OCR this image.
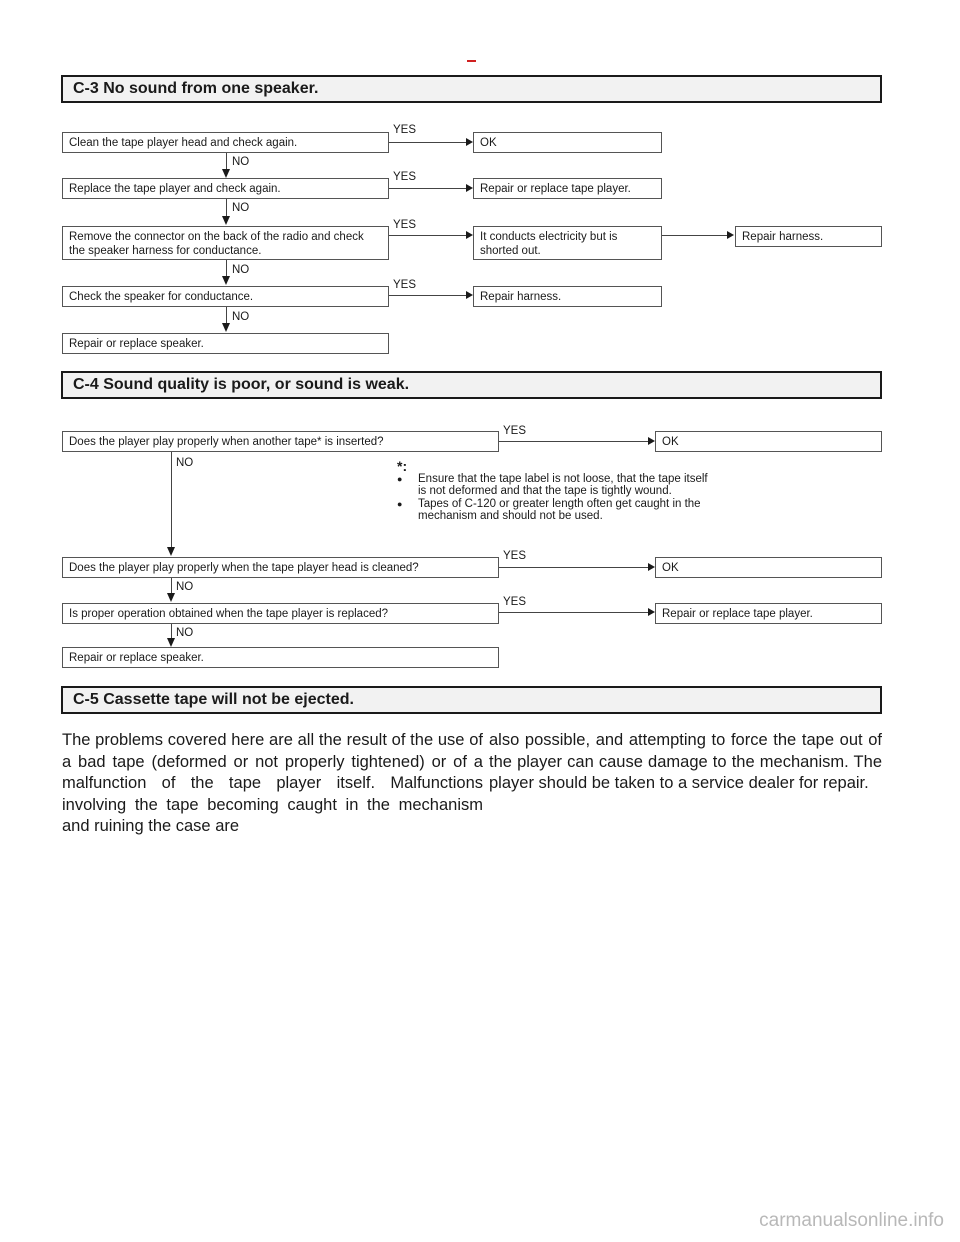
C-3 No sound from one speaker.
Clean the tape player head and check again.
Replace the tape player and check again.
Remove the connector on the back of the radio and check the speaker harness for conductance.
Check the speaker for conductance.
Repair or replace speaker.
OK
Repair or replace tape player.
It conducts electricity but is shorted out.
Repair harness.
Repair harness.
YES
YES
YES
YES
NO
NO
NO
NO
C-4 Sound quality is poor, or sound is weak.
Does the player play properly when another tape* is inserted?
Does the player play properly when the tape player head is cleaned?
Is proper operation obtained when the tape player is replaced?
Repair or replace speaker.
OK
OK
Repair or replace tape player.
YES
YES
YES
NO
NO
NO
*:
● Ensure that the tape label is not loose, that the tape itself is not deformed and that the tape is tightly wound.
● Tapes of C-120 or greater length often get caught in the mechanism and should not be used.
C-5 Cassette tape will not be ejected.
The problems covered here are all the result of the use of a bad tape (deformed or not properly tightened) or of a malfunction of the tape player itself. Malfunctions involving the tape becoming caught in the mechanism and ruining the case are
also possible, and attempting to force the tape out of the player can cause damage to the mechanism. The player should be taken to a service dealer for repair.
carmanualsonline.info
